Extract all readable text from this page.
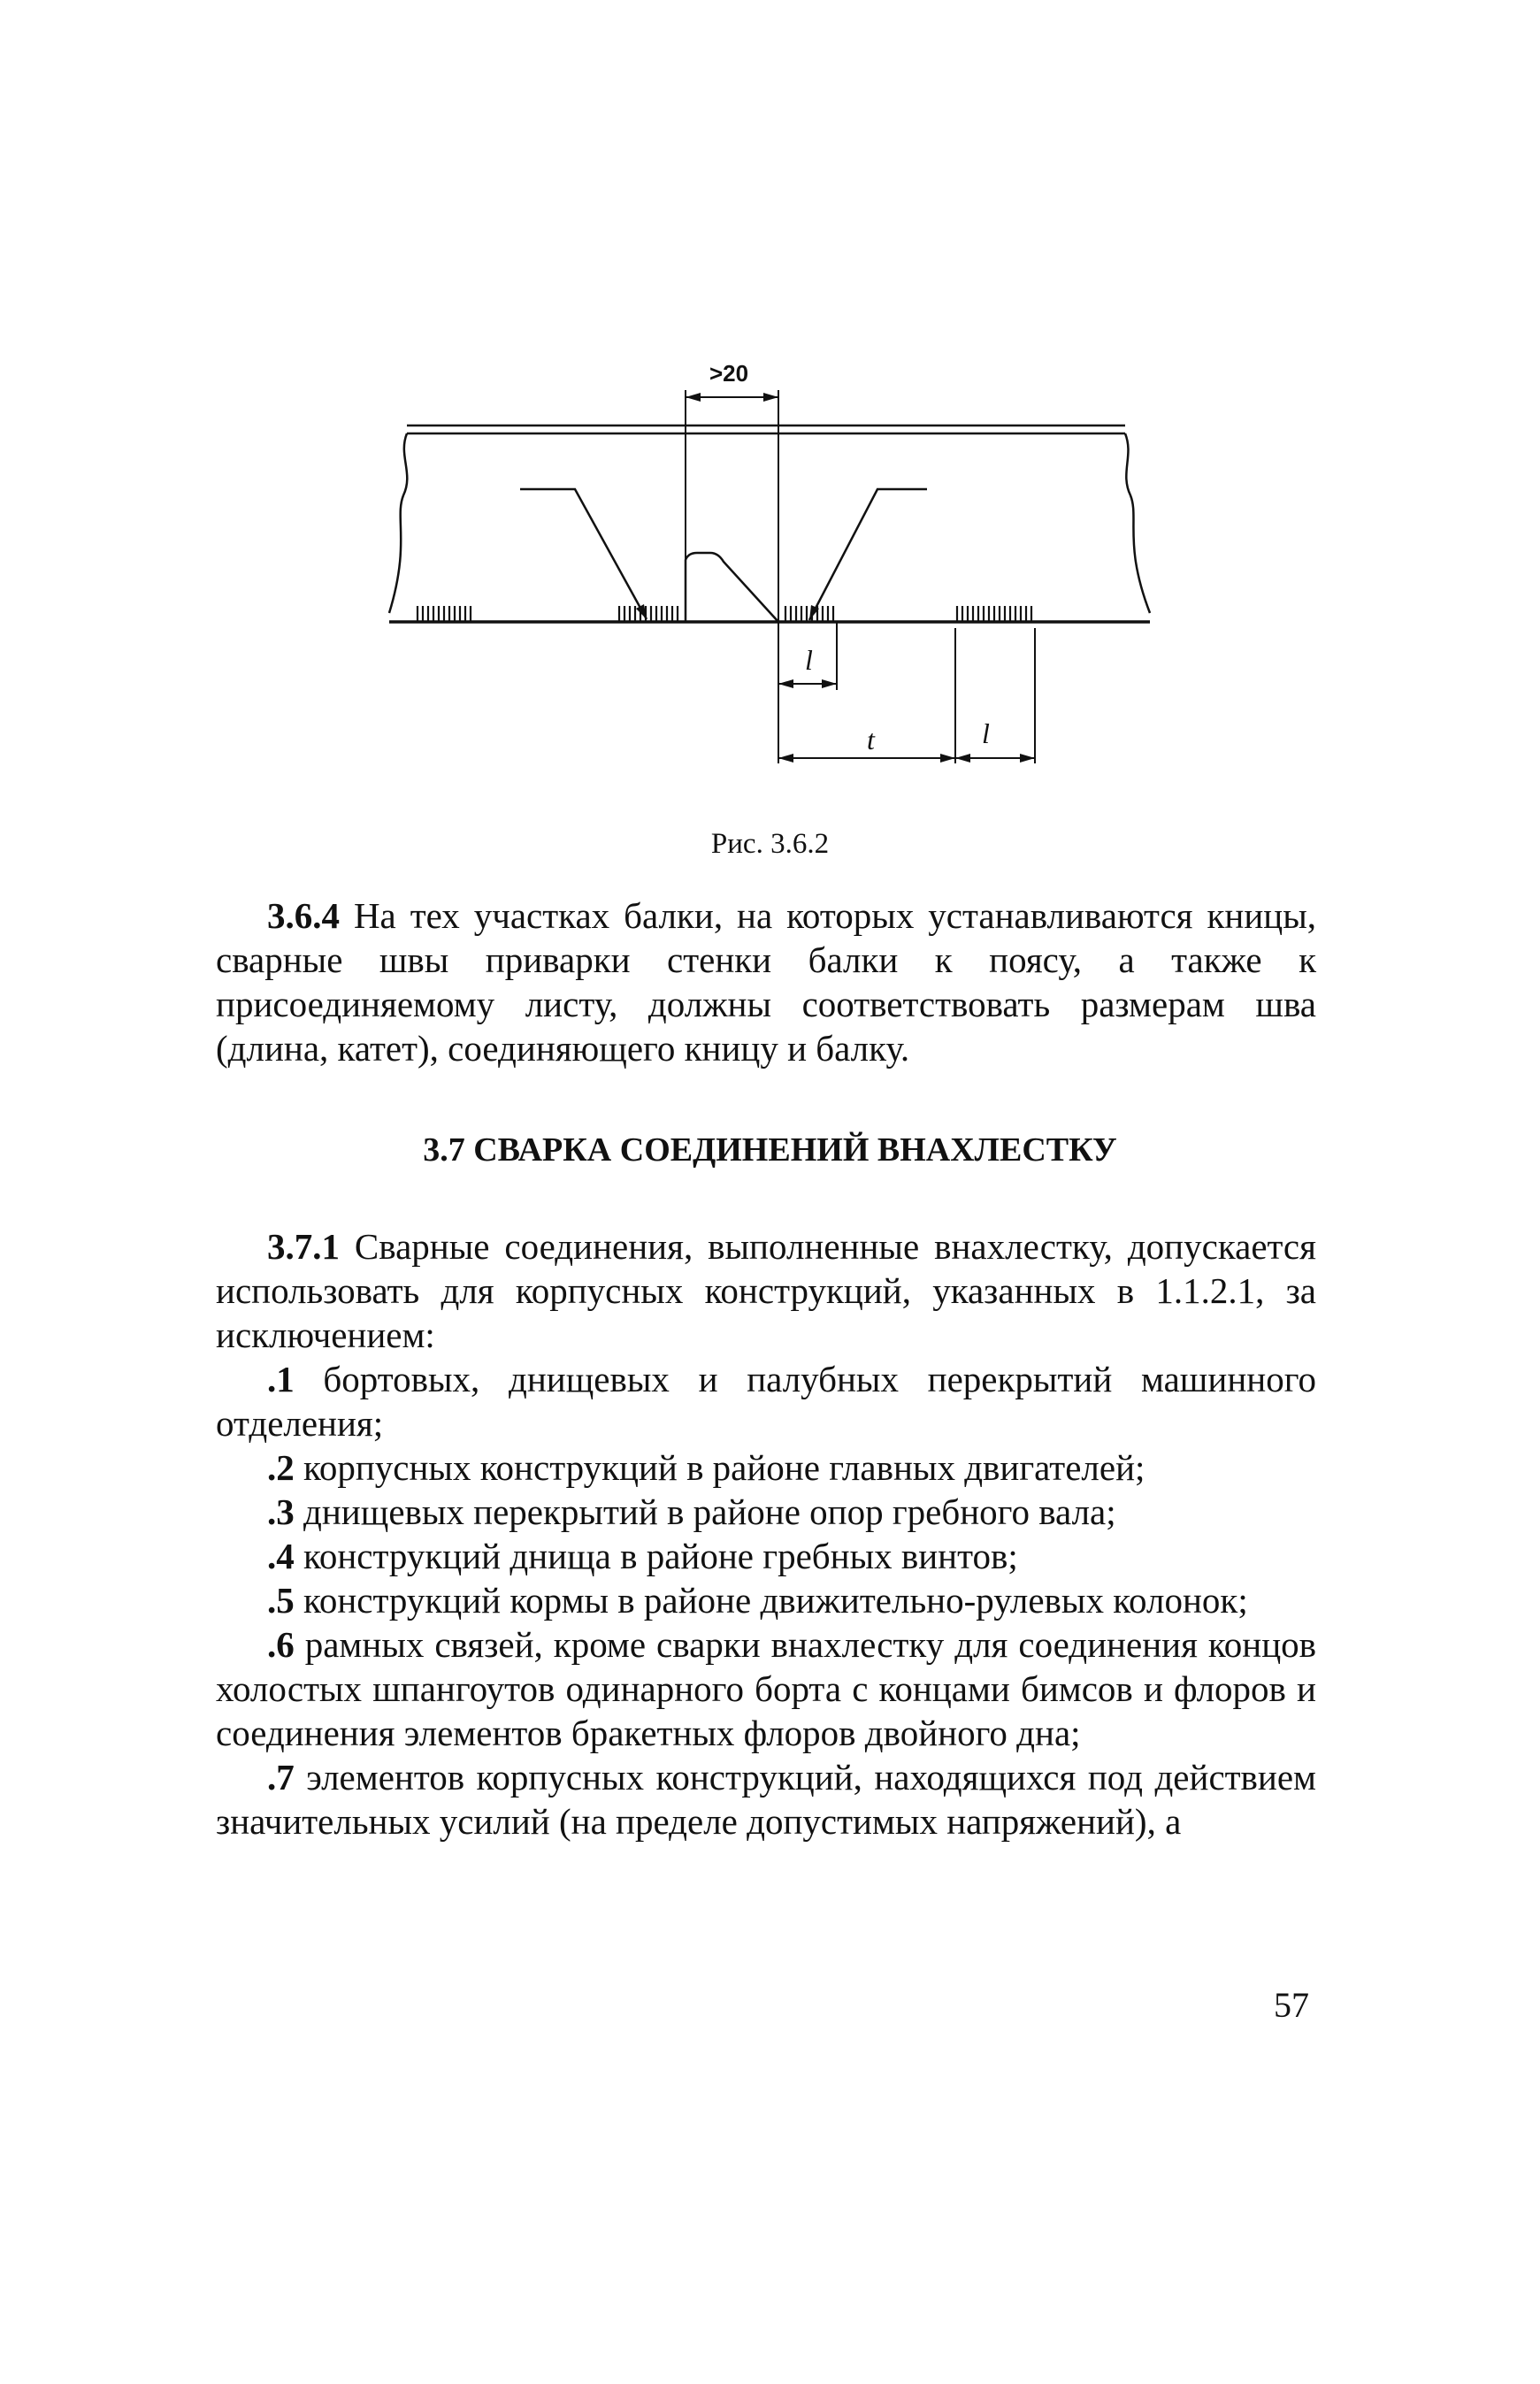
>20
l
t	l
Рис. 3.6.2

3.6.4 На тех участках балки, на которых устанавливаются кницы, сварные швы приварки стенки балки к поясу, а также к присоединяемому листу, должны соответствовать размерам шва (длина, катет), соединяющего кницу и балку.

3.7 СВАРКА СОЕДИНЕНИЙ ВНАХЛЕСТКУ

3.7.1 Сварные соединения, выполненные внахлестку, допускается использовать для корпусных конструкций, указанных в 1.1.2.1, за исключением:

.1 бортовых, днищевых и палубных перекрытий машинного отделения;

.2 корпусных конструкций в районе главных двигателей;

.3 днищевых перекрытий в районе опор гребного вала;

.4 конструкций днища в районе гребных винтов;

.5 конструкций кормы в районе движительно-рулевых колонок;

.6 рамных связей, кроме сварки внахлестку для соединения концов холостых шпангоутов одинарного борта с концами бимсов и флоров и соединения элементов бракетных флоров двойного дна;

.7 элементов корпусных конструкций, находящихся под действием значительных усилий (на пределе допустимых напряжений), а

57
